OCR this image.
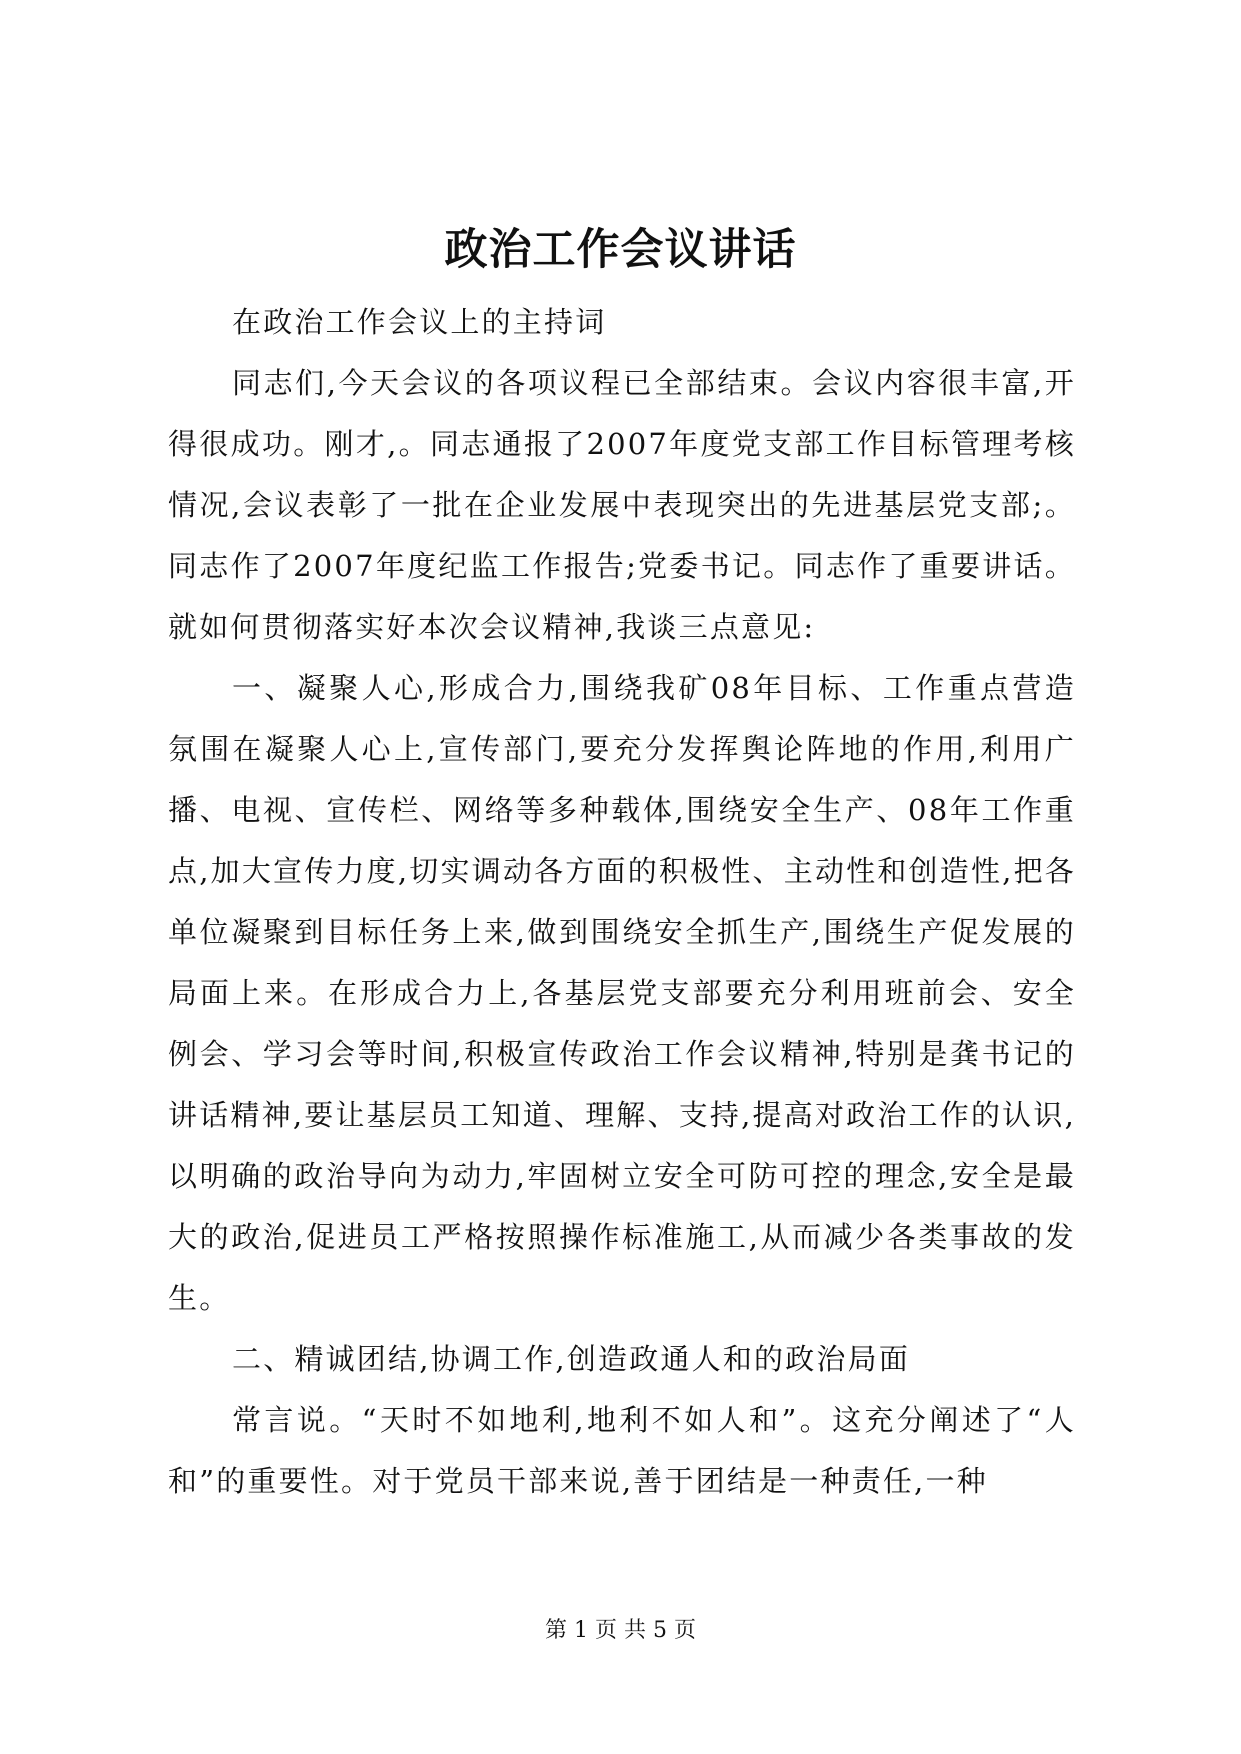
政治工作会议讲话

在政治工作会议上的主持词

同志们,今天会议的各项议程已全部结束。会议内容很丰富,开得很成功。刚才,。同志通报了2007年度党支部工作目标管理考核情况,会议表彰了一批在企业发展中表现突出的先进基层党支部;。同志作了2007年度纪监工作报告;党委书记。同志作了重要讲话。就如何贯彻落实好本次会议精神,我谈三点意见:

一、凝聚人心,形成合力,围绕我矿08年目标、工作重点营造氛围在凝聚人心上,宣传部门,要充分发挥舆论阵地的作用,利用广播、电视、宣传栏、网络等多种载体,围绕安全生产、08年工作重点,加大宣传力度,切实调动各方面的积极性、主动性和创造性,把各单位凝聚到目标任务上来,做到围绕安全抓生产,围绕生产促发展的局面上来。在形成合力上,各基层党支部要充分利用班前会、安全例会、学习会等时间,积极宣传政治工作会议精神,特别是龚书记的讲话精神,要让基层员工知道、理解、支持,提高对政治工作的认识,以明确的政治导向为动力,牢固树立安全可防可控的理念,安全是最大的政治,促进员工严格按照操作标准施工,从而减少各类事故的发生。

二、精诚团结,协调工作,创造政通人和的政治局面

常言说。“天时不如地利,地利不如人和”。这充分阐述了“人和”的重要性。对于党员干部来说,善于团结是一种责任,一种

第 1 页 共 5 页
